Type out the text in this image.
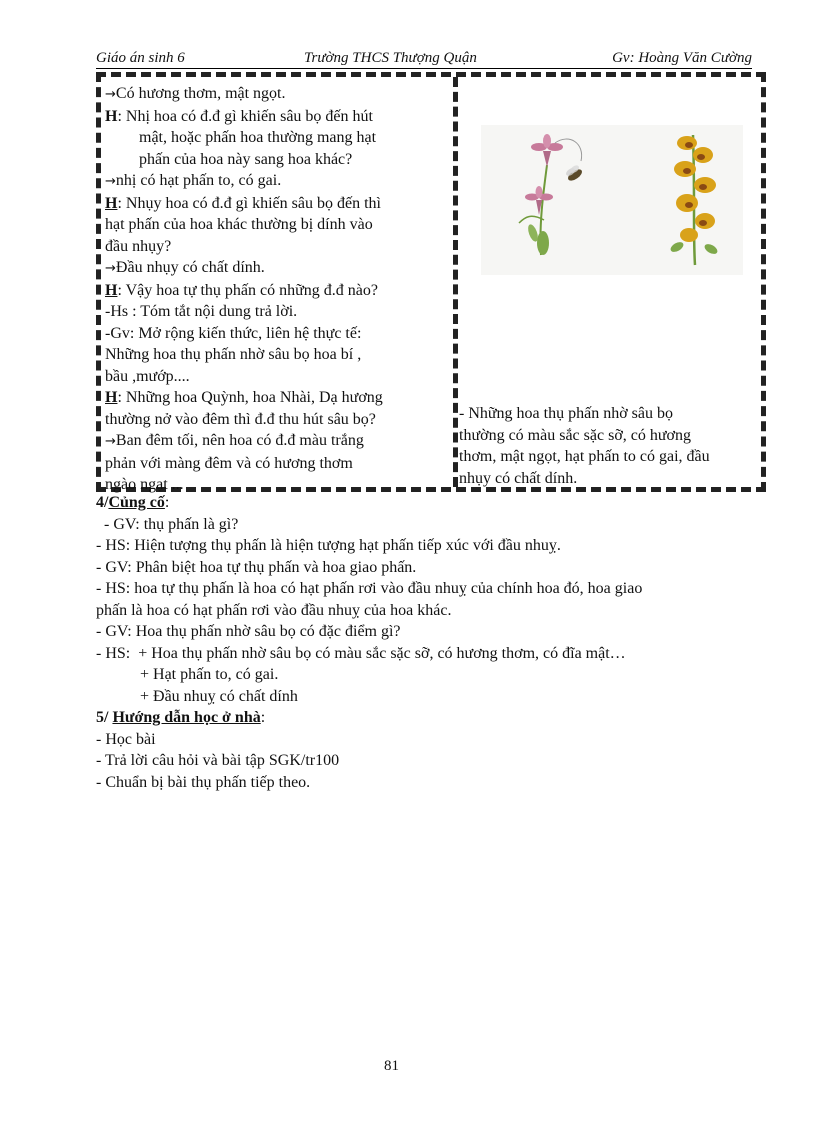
Giáo án sinh 6	Trường THCS Thượng Quận	Gv: Hoàng Văn Cường

→Có hương thơm, mật ngọt.

H: Nhị hoa có đ.đ gì khiến sâu bọ đến hút

mật, hoặc phấn hoa thường mang hạt

phấn của hoa này sang hoa khác?

→nhị có hạt phấn to, có gai.

H: Nhụy hoa có đ.đ gì khiến sâu bọ đến thì

hạt phấn của hoa khác thường bị dính vào

đầu nhụy?

→Đầu nhụy có chất dính.

H: Vậy hoa tự thụ phấn có những đ.đ nào?

-Hs : Tóm tắt nội dung trả lời.

-Gv: Mở rộng kiến thức, liên hệ thực tế:

Những hoa thụ phấn nhờ sâu bọ hoa bí ,

bầu ,mướp....

H: Những hoa Quỳnh, hoa Nhài, Dạ hương

thường nở vào đêm thì đ.đ thu hút sâu bọ?

→Ban đêm tối, nên hoa có đ.đ màu trắng

phản với màng đêm và có hương thơm

ngào ngạt ...

- Những hoa thụ phấn nhờ sâu bọ

thường có màu sắc sặc sỡ, có hương

thơm, mật ngọt, hạt phấn to có gai, đầu

nhụy có chất dính.

4/Củng cố:

- GV: thụ phấn là gì?

- HS: Hiện tượng thụ phấn là hiện tượng hạt phấn tiếp xúc với đầu nhuỵ.

- GV: Phân biệt hoa tự thụ phấn và hoa giao phấn.

- HS: hoa tự thụ phấn là hoa có hạt phấn rơi vào đầu nhuỵ của chính hoa đó, hoa giao

phấn là hoa có hạt phấn rơi vào đầu nhuỵ của hoa khác.

- GV: Hoa thụ phấn nhờ sâu bọ có đặc điểm gì?

- HS:  + Hoa thụ phấn nhờ sâu bọ có màu sắc sặc sỡ, có hương thơm, có đĩa mật…

+ Hạt phấn to, có gai.

+ Đầu nhuỵ có chất dính

5/ Hướng dẫn học ở nhà:

- Học bài

- Trả lời câu hỏi và bài tập SGK/tr100

- Chuẩn bị bài thụ phấn tiếp theo.

81
